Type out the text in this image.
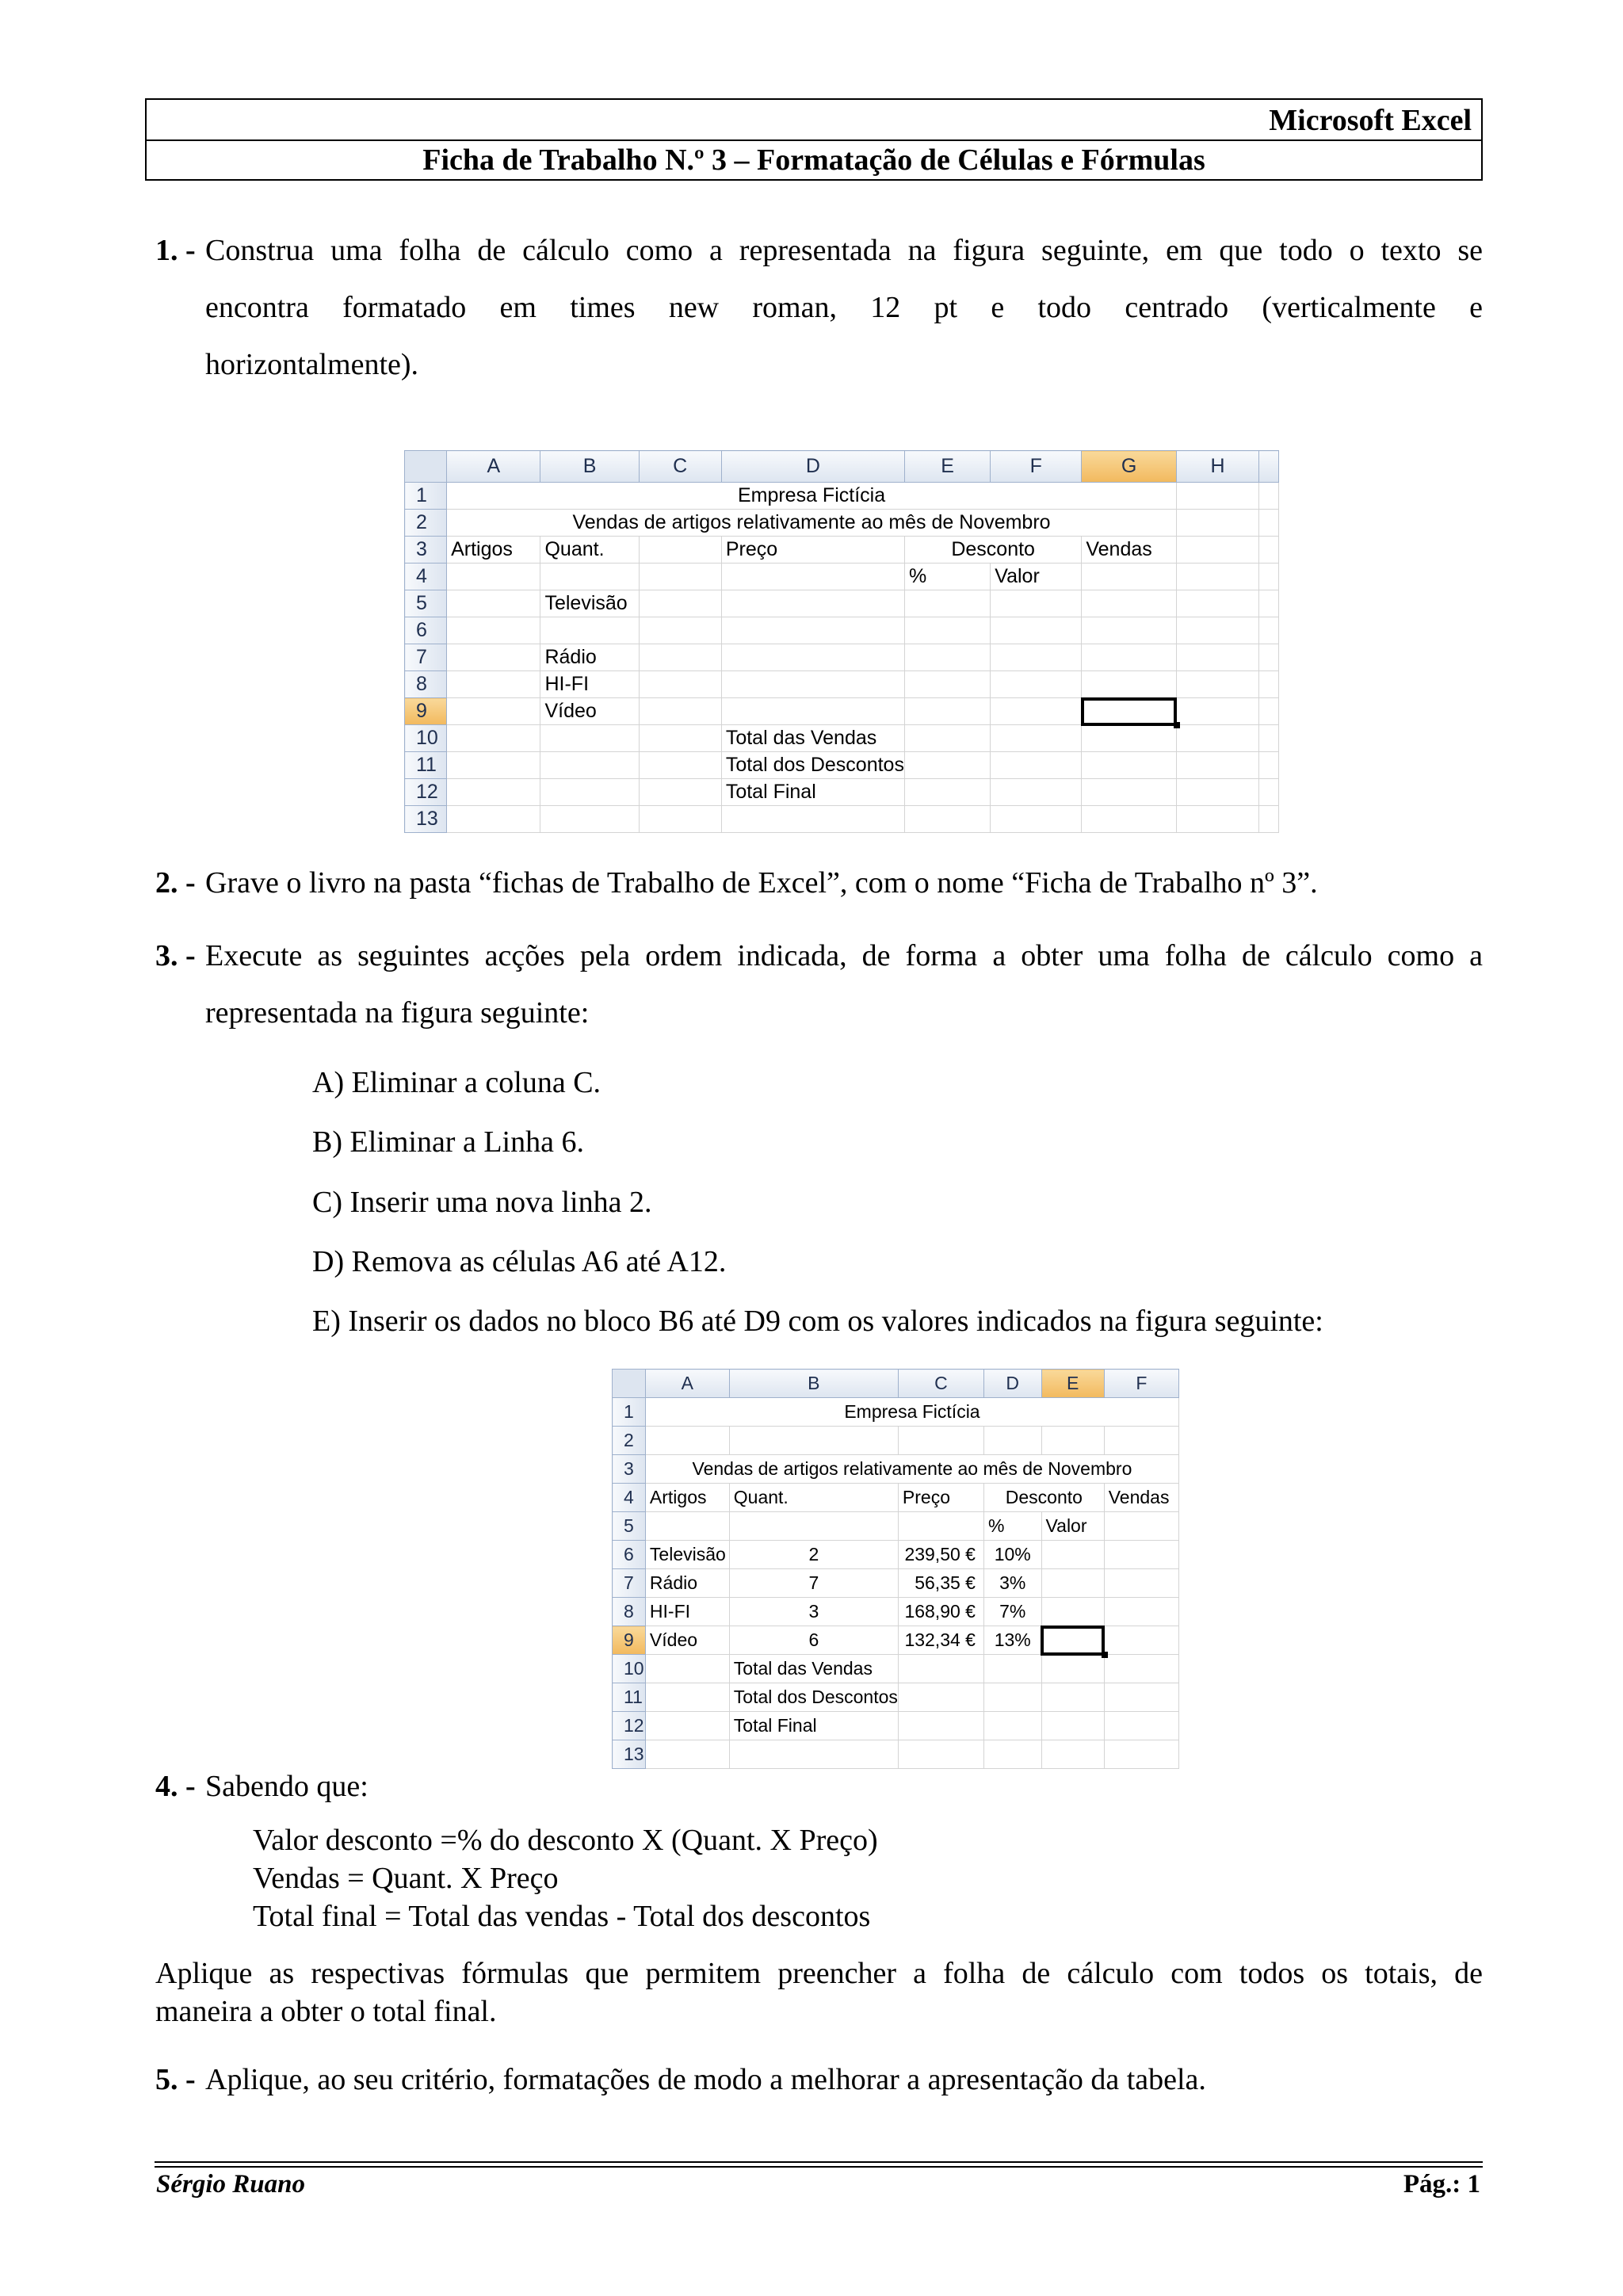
Microsoft Excel
Ficha de Trabalho N.º 3 – Formatação de Células e Fórmulas
1. - Construa uma folha de cálculo como a representada na figura seguinte, em que todo o texto se
encontra formatado em times new roman, 12 pt e todo centrado (verticalmente e
horizontalmente).
	A	B	C	D	E	F	G	H	
1	Empresa Fictícia								
2	Vendas de artigos relativamente ao mês de Novembro								
3	Artigos	Quant.		Preço	Desconto		Vendas		
4					%	Valor			
5		Televisão							
6									
7		Rádio							
8		HI-FI							
9		Vídeo							
10				Total das Vendas					
11				Total dos Descontos					
12				Total Final					
13									
2. - Grave o livro na pasta “fichas de Trabalho de Excel”, com o nome “Ficha de Trabalho nº 3”.
3. - Execute as seguintes acções pela ordem indicada, de forma a obter uma folha de cálculo como a
representada na figura seguinte:
A) Eliminar a coluna C.
B) Eliminar a Linha 6.
C) Inserir uma nova linha 2.
D) Remova as células A6 até A12.
E) Inserir os dados no bloco B6 até D9 com os valores indicados na figura seguinte:
	A	B	C	D	E	F
1	Empresa Fictícia					
2						
3	Vendas de artigos relativamente ao mês de Novembro					
4	Artigos	Quant.	Preço	Desconto		Vendas
5				%	Valor	
6	Televisão	2	239,50 €	10%		
7	Rádio	7	56,35 €	3%		
8	HI-FI	3	168,90 €	7%		
9	Vídeo	6	132,34 €	13%		
10		Total das Vendas				
11		Total dos Descontos				
12		Total Final				
13						
4. - Sabendo que:
Valor desconto =% do desconto X (Quant. X Preço)
Vendas = Quant. X Preço
Total final = Total das vendas - Total dos descontos
Aplique as respectivas fórmulas que permitem preencher a folha de cálculo com todos os totais, de
maneira a obter o total final.
5. - Aplique, ao seu critério, formatações de modo a melhorar a apresentação da tabela.
Sérgio Ruano	Pág.: 1
